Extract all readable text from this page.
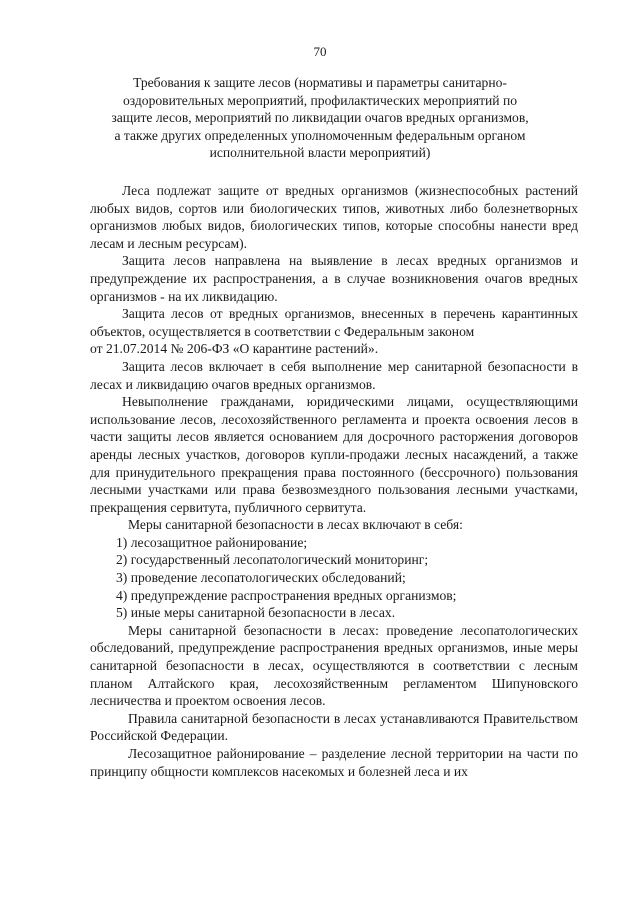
70
Требования к защите лесов (нормативы и параметры санитарно-оздоровительных мероприятий, профилактических мероприятий по защите лесов, мероприятий по ликвидации очагов вредных организмов, а также других определенных уполномоченным федеральным органом исполнительной власти мероприятий)

Леса подлежат защите от вредных организмов (жизнеспособных растений любых видов, сортов или биологических типов, животных либо болезнетворных организмов любых видов, биологических типов, которые способны нанести вред лесам и лесным ресурсам).

Защита лесов направлена на выявление в лесах вредных организмов и предупреждение их распространения, а в случае возникновения очагов вредных организмов - на их ликвидацию.

Защита лесов от вредных организмов, внесенных в перечень карантинных объектов, осуществляется в соответствии с Федеральным законом

от 21.07.2014 № 206-ФЗ «О карантине растений».

Защита лесов включает в себя выполнение мер санитарной безопасности в лесах и ликвидацию очагов вредных организмов.

Невыполнение гражданами, юридическими лицами, осуществляющими использование лесов, лесохозяйственного регламента и проекта освоения лесов в части защиты лесов является основанием для досрочного расторжения договоров аренды лесных участков, договоров купли-продажи лесных насаждений, а также для принудительного прекращения права постоянного (бессрочного) пользования лесными участками или права безвозмездного пользования лесными участками, прекращения сервитута, публичного сервитута.

Меры санитарной безопасности в лесах включают в себя:

1) лесозащитное районирование;

2) государственный лесопатологический мониторинг;

3) проведение лесопатологических обследований;

4) предупреждение распространения вредных организмов;

5) иные меры санитарной безопасности в лесах.

Меры санитарной безопасности в лесах: проведение лесопатологических обследований, предупреждение распространения вредных организмов, иные меры санитарной безопасности в лесах, осуществляются в соответствии с лесным планом Алтайского края, лесохозяйственным регламентом Шипуновского лесничества и проектом освоения лесов.

Правила санитарной безопасности в лесах устанавливаются Правительством Российской Федерации.

Лесозащитное районирование – разделение лесной территории на части по принципу общности комплексов насекомых и болезней леса и их
